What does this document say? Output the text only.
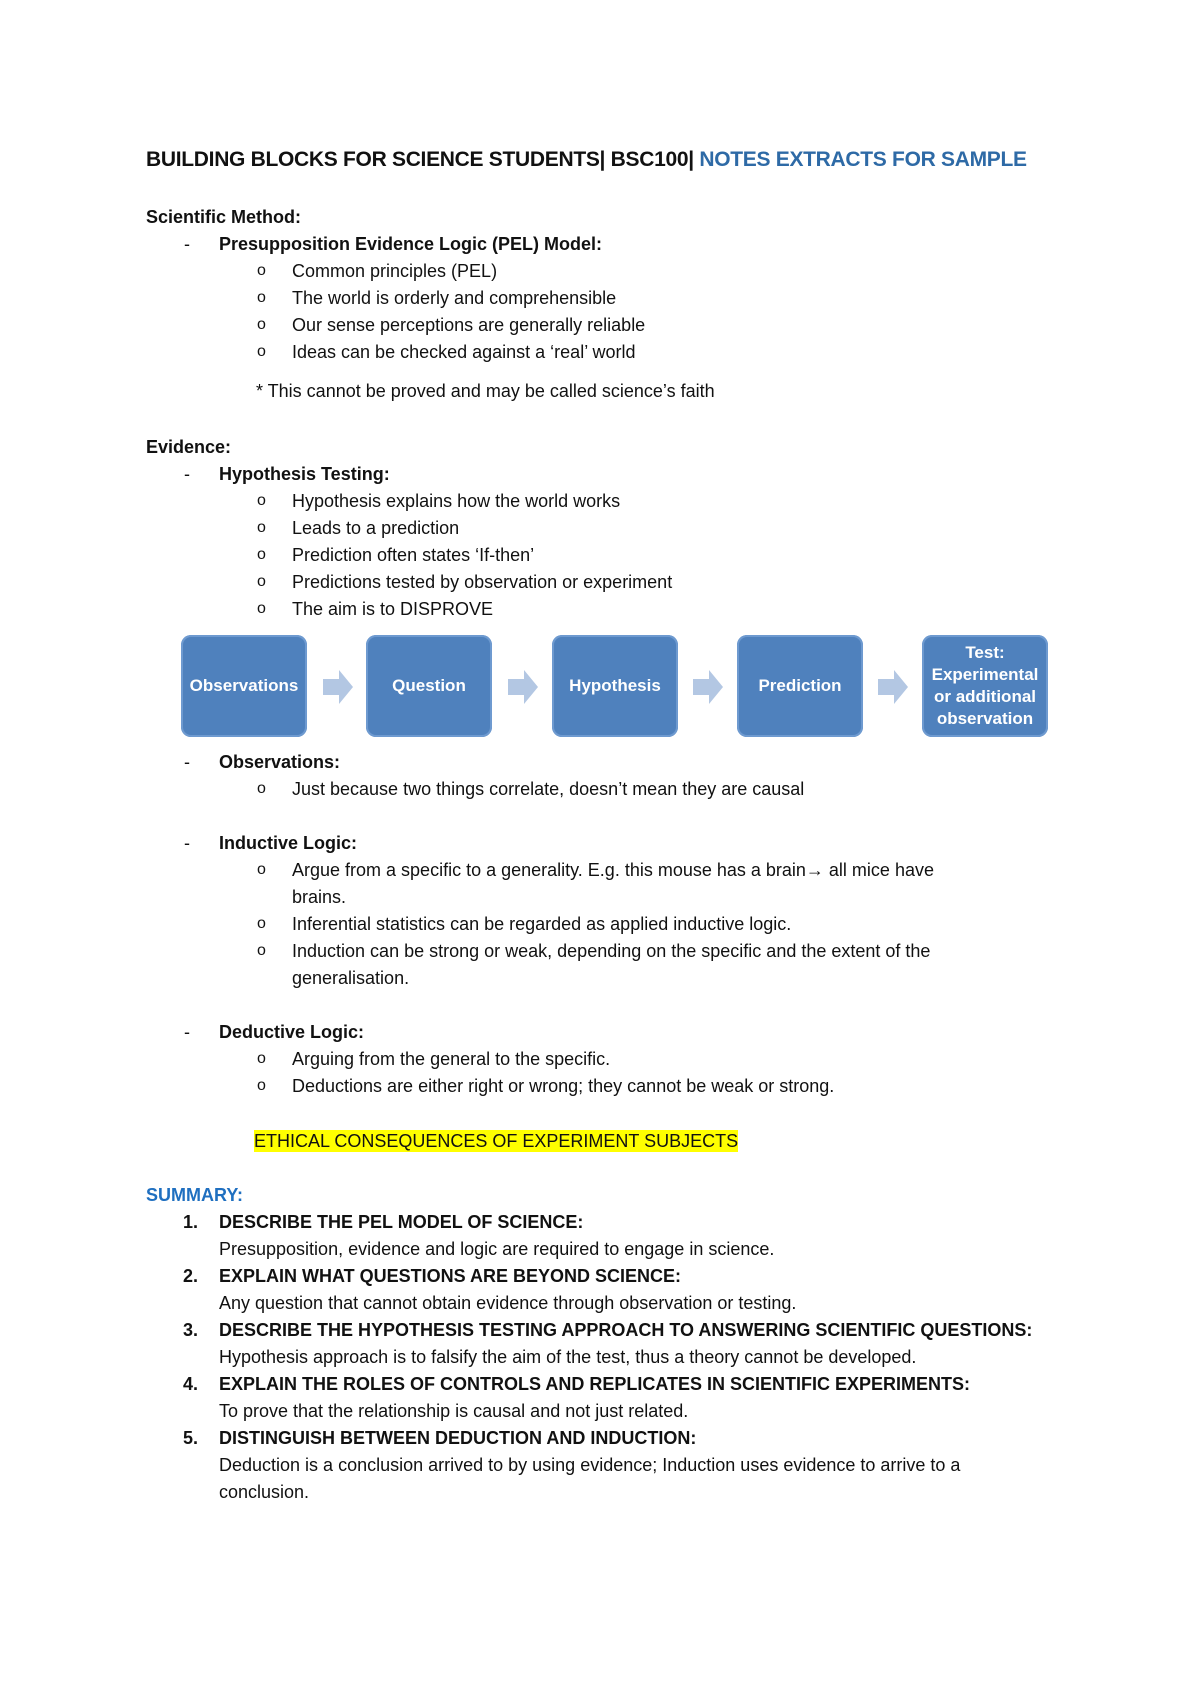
BUILDING BLOCKS FOR SCIENCE STUDENTS| BSC100| NOTES EXTRACTS FOR SAMPLE
Scientific Method:
- Presupposition Evidence Logic (PEL) Model:
o Common principles (PEL)
o The world is orderly and comprehensible
o Our sense perceptions are generally reliable
o Ideas can be checked against a ‘real’ world
* This cannot be proved and may be called science’s faith
Evidence:
- Hypothesis Testing:
o Hypothesis explains how the world works
o Leads to a prediction
o Prediction often states ‘If-then’
o Predictions tested by observation or experiment
o The aim is to DISPROVE
Observations	Question	Hypothesis	Prediction
Test: Experimental or additional observation
- Observations:
o Just because two things correlate, doesn’t mean they are causal
- Inductive Logic:
o Argue from a specific to a generality. E.g. this mouse has a brain→ all mice have
brains.
o Inferential statistics can be regarded as applied inductive logic.
o Induction can be strong or weak, depending on the specific and the extent of the
generalisation.
- Deductive Logic:
o Arguing from the general to the specific.
o Deductions are either right or wrong; they cannot be weak or strong.
ETHICAL CONSEQUENCES OF EXPERIMENT SUBJECTS
SUMMARY:
1. DESCRIBE THE PEL MODEL OF SCIENCE:
Presupposition, evidence and logic are required to engage in science.
2. EXPLAIN WHAT QUESTIONS ARE BEYOND SCIENCE:
Any question that cannot obtain evidence through observation or testing.
3. DESCRIBE THE HYPOTHESIS TESTING APPROACH TO ANSWERING SCIENTIFIC QUESTIONS:
Hypothesis approach is to falsify the aim of the test, thus a theory cannot be developed.
4. EXPLAIN THE ROLES OF CONTROLS AND REPLICATES IN SCIENTIFIC EXPERIMENTS:
To prove that the relationship is causal and not just related.
5. DISTINGUISH BETWEEN DEDUCTION AND INDUCTION:
Deduction is a conclusion arrived to by using evidence; Induction uses evidence to arrive to a
conclusion.
